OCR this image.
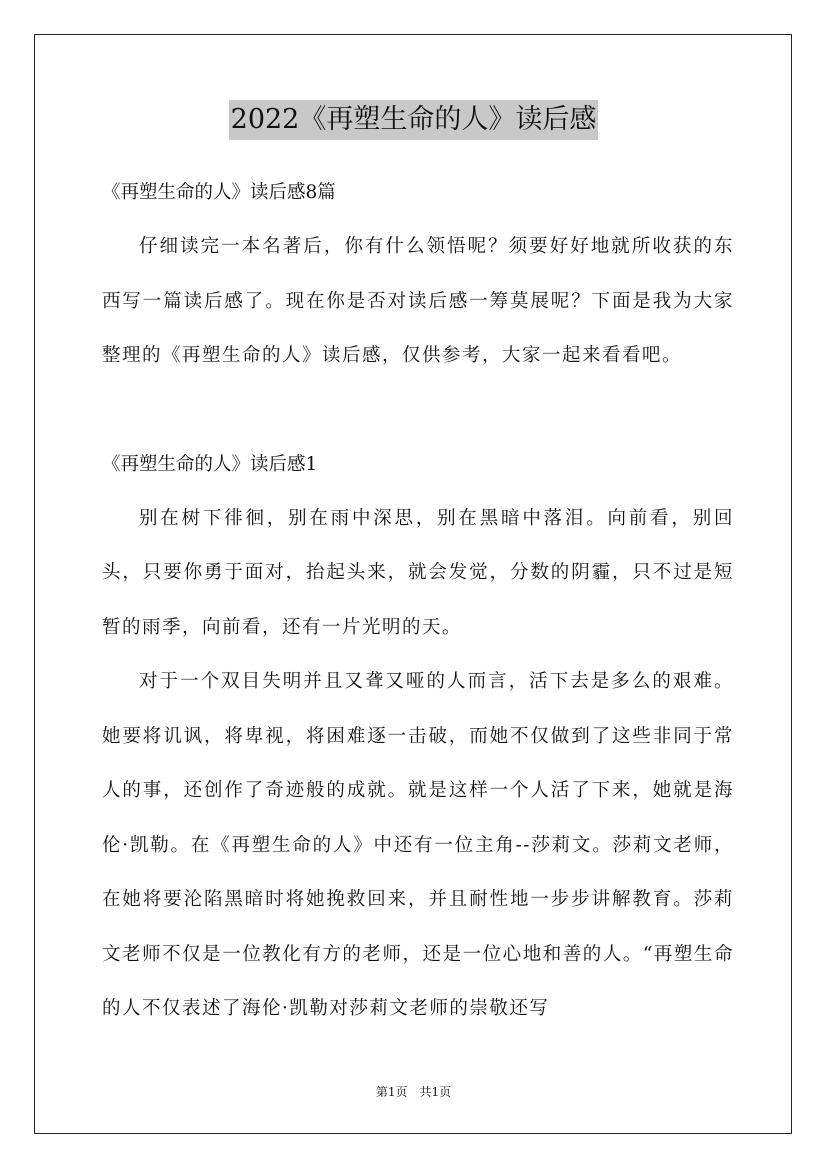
2022《再塑生命的人》读后感

《再塑生命的人》读后感8篇

仔细读完一本名著后，你有什么领悟呢？须要好好地就所收获的东西写一篇读后感了。现在你是否对读后感一筹莫展呢？下面是我为大家整理的《再塑生命的人》读后感，仅供参考，大家一起来看看吧。

《再塑生命的人》读后感1

别在树下徘徊，别在雨中深思，别在黑暗中落泪。向前看，别回头，只要你勇于面对，抬起头来，就会发觉，分数的阴霾，只不过是短暂的雨季，向前看，还有一片光明的天。

对于一个双目失明并且又聋又哑的人而言，活下去是多么的艰难。她要将讥讽，将卑视，将困难逐一击破，而她不仅做到了这些非同于常人的事，还创作了奇迹般的成就。就是这样一个人活了下来，她就是海伦·凯勒。在《再塑生命的人》中还有一位主角--莎莉文。莎莉文老师，在她将要沦陷黑暗时将她挽救回来，并且耐性地一步步讲解教育。莎莉文老师不仅是一位教化有方的老师，还是一位心地和善的人。“再塑生命的人不仅表述了海伦·凯勒对莎莉文老师的崇敬还写

第1页　共1页
